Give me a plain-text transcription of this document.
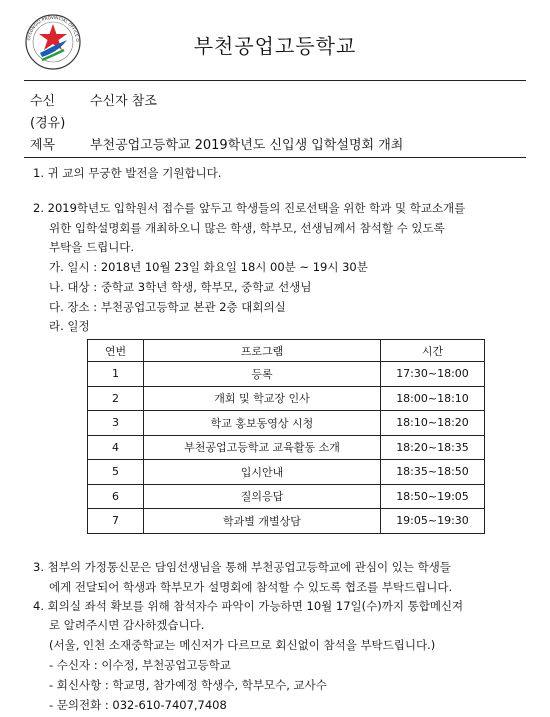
GYEONGGI PROVINCIAL OFFICE O	부천공업고등학교
수신	수신자 참조
(경유)
제목	부천공업고등학교 2019학년도 신입생 입학설명회 개최
1. 귀 교의 무궁한 발전을 기원합니다.
2. 2019학년도 입학원서 접수를 앞두고 학생들의 진로선택을 위한 학과 및 학교소개를
위한 입학설명회를 개최하오니 많은 학생, 학부모, 선생님께서 참석할 수 있도록
부탁을 드립니다.
가. 일시 : 2018년 10월 23일 화요일 18시 00분 ~ 19시 30분
나. 대상 : 중학교 3학년 학생, 학부모, 중학교 선생님
다. 장소 : 부천공업고등학교 본관 2층 대회의실
라. 일정
연번	프로그램	시간
1	등록	17:30~18:00
2	개회 및 학교장 인사	18:00~18:10
3	학교 홍보동영상 시청	18:10~18:20
4	부천공업고등학교 교육활동 소개	18:20~18:35
5	입시안내	18:35~18:50
6	질의응답	18:50~19:05
7	학과별 개별상담	19:05~19:30
3. 첨부의 가정통신문은 담임선생님을 통해 부천공업고등학교에 관심이 있는 학생들
에게 전달되어 학생과 학부모가 설명회에 참석할 수 있도록 협조를 부탁드립니다.
4. 회의실 좌석 확보를 위해 참석자수 파악이 가능하면 10월 17일(수)까지 통합메신져
로 알려주시면 감사하겠습니다.
(서울, 인천 소재중학교는 메신저가 다르므로 회신없이 참석을 부탁드립니다.)
- 수신자 : 이수정, 부천공업고등학교
- 회신사항 : 학교명, 참가예정 학생수, 학부모수, 교사수
- 문의전화 : 032-610-7407,7408
